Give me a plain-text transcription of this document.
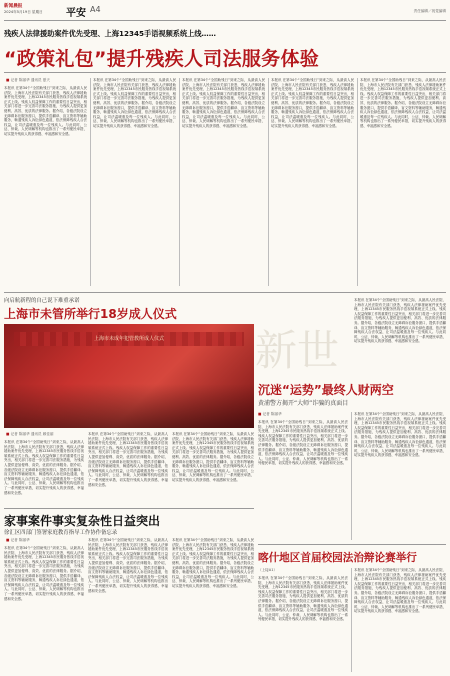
新闻晨报
2024年5月19日 星期日 平安 A4	责任编辑／视觉编辑
残疾人法律援助案件优先受理、上海12345手语视频系统上线……
“政策礼包”提升残疾人司法服务体验
■ 记者 陈丽华 通讯员 夏天
本报讯 在第34个“全国助残日”到来之际，从最高人民法院、上海市人民法院有关部门获悉，残疾人法律援助案件优先受理，上海12345市民服务热线手语视频系统正式上线。残疾人权益保障工作的重要性日益突出，相关部门将进一步完善司法服务措施，为残疾人提供更加便利、高效、优质的法律服务。据介绍，各级法院设立无障碍诉讼服务窗口，提供手语翻译、盲文资料等辅助服务，畅通残疾人诉讼绿色通道，依法保障残疾人合法权益，让司法温暖惠及每一位残疾人。与此同时，公证、仲裁、人民调解等机构也推出了一系列便民举措，切实提升残疾人的获得感、幸福感和安全感。
本报讯 在第34个“全国助残日”到来之际，从最高人民法院、上海市人民法院有关部门获悉，残疾人法律援助案件优先受理，上海12345市民服务热线手语视频系统正式上线。残疾人权益保障工作的重要性日益突出，相关部门将进一步完善司法服务措施，为残疾人提供更加便利、高效、优质的法律服务。据介绍，各级法院设立无障碍诉讼服务窗口，提供手语翻译、盲文资料等辅助服务，畅通残疾人诉讼绿色通道，依法保障残疾人合法权益，让司法温暖惠及每一位残疾人。与此同时，公证、仲裁、人民调解等机构也推出了一系列便民举措，切实提升残疾人的获得感、幸福感和安全感。
本报讯 在第34个“全国助残日”到来之际，从最高人民法院、上海市人民法院有关部门获悉，残疾人法律援助案件优先受理，上海12345市民服务热线手语视频系统正式上线。残疾人权益保障工作的重要性日益突出，相关部门将进一步完善司法服务措施，为残疾人提供更加便利、高效、优质的法律服务。据介绍，各级法院设立无障碍诉讼服务窗口，提供手语翻译、盲文资料等辅助服务，畅通残疾人诉讼绿色通道，依法保障残疾人合法权益，让司法温暖惠及每一位残疾人。与此同时，公证、仲裁、人民调解等机构也推出了一系列便民举措，切实提升残疾人的获得感、幸福感和安全感。
本报讯 在第34个“全国助残日”到来之际，从最高人民法院、上海市人民法院有关部门获悉，残疾人法律援助案件优先受理，上海12345市民服务热线手语视频系统正式上线。残疾人权益保障工作的重要性日益突出，相关部门将进一步完善司法服务措施，为残疾人提供更加便利、高效、优质的法律服务。据介绍，各级法院设立无障碍诉讼服务窗口，提供手语翻译、盲文资料等辅助服务，畅通残疾人诉讼绿色通道，依法保障残疾人合法权益，让司法温暖惠及每一位残疾人。与此同时，公证、仲裁、人民调解等机构也推出了一系列便民举措，切实提升残疾人的获得感、幸福感和安全感。
本报讯 在第34个“全国助残日”到来之际，从最高人民法院、上海市人民法院有关部门获悉，残疾人法律援助案件优先受理，上海12345市民服务热线手语视频系统正式上线。残疾人权益保障工作的重要性日益突出，相关部门将进一步完善司法服务措施，为残疾人提供更加便利、高效、优质的法律服务。据介绍，各级法院设立无障碍诉讼服务窗口，提供手语翻译、盲文资料等辅助服务，畅通残疾人诉讼绿色通道，依法保障残疾人合法权益，让司法温暖惠及每一位残疾人。与此同时，公证、仲裁、人民调解等机构也推出了一系列便民举措，切实提升残疾人的获得感、幸福感和安全感。
向启航新程的自己说下难重承诺
上海市未管所举行18岁成人仪式
上海市未成年犯管教所成人仪式	新世
■ 记者 陈丽华 通讯员 顾佳丽
本报讯 在第34个“全国助残日”到来之际，从最高人民法院、上海市人民法院有关部门获悉，残疾人法律援助案件优先受理，上海12345市民服务热线手语视频系统正式上线。残疾人权益保障工作的重要性日益突出，相关部门将进一步完善司法服务措施，为残疾人提供更加便利、高效、优质的法律服务。据介绍，各级法院设立无障碍诉讼服务窗口，提供手语翻译、盲文资料等辅助服务，畅通残疾人诉讼绿色通道，依法保障残疾人合法权益，让司法温暖惠及每一位残疾人。与此同时，公证、仲裁、人民调解等机构也推出了一系列便民举措，切实提升残疾人的获得感、幸福感和安全感。
本报讯 在第34个“全国助残日”到来之际，从最高人民法院、上海市人民法院有关部门获悉，残疾人法律援助案件优先受理，上海12345市民服务热线手语视频系统正式上线。残疾人权益保障工作的重要性日益突出，相关部门将进一步完善司法服务措施，为残疾人提供更加便利、高效、优质的法律服务。据介绍，各级法院设立无障碍诉讼服务窗口，提供手语翻译、盲文资料等辅助服务，畅通残疾人诉讼绿色通道，依法保障残疾人合法权益，让司法温暖惠及每一位残疾人。与此同时，公证、仲裁、人民调解等机构也推出了一系列便民举措，切实提升残疾人的获得感、幸福感和安全感。
本报讯 在第34个“全国助残日”到来之际，从最高人民法院、上海市人民法院有关部门获悉，残疾人法律援助案件优先受理，上海12345市民服务热线手语视频系统正式上线。残疾人权益保障工作的重要性日益突出，相关部门将进一步完善司法服务措施，为残疾人提供更加便利、高效、优质的法律服务。据介绍，各级法院设立无障碍诉讼服务窗口，提供手语翻译、盲文资料等辅助服务，畅通残疾人诉讼绿色通道，依法保障残疾人合法权益，让司法温暖惠及每一位残疾人。与此同时，公证、仲裁、人民调解等机构也推出了一系列便民举措，切实提升残疾人的获得感、幸福感和安全感。
沉迷“运势”最终人财两空
黄浦警方揭开“大师”诈骗的真面目
■ 记者 陈丽华
本报讯 在第34个“全国助残日”到来之际，从最高人民法院、上海市人民法院有关部门获悉，残疾人法律援助案件优先受理，上海12345市民服务热线手语视频系统正式上线。残疾人权益保障工作的重要性日益突出，相关部门将进一步完善司法服务措施，为残疾人提供更加便利、高效、优质的法律服务。据介绍，各级法院设立无障碍诉讼服务窗口，提供手语翻译、盲文资料等辅助服务，畅通残疾人诉讼绿色通道，依法保障残疾人合法权益，让司法温暖惠及每一位残疾人。与此同时，公证、仲裁、人民调解等机构也推出了一系列便民举措，切实提升残疾人的获得感、幸福感和安全感。
本报讯 在第34个“全国助残日”到来之际，从最高人民法院、上海市人民法院有关部门获悉，残疾人法律援助案件优先受理，上海12345市民服务热线手语视频系统正式上线。残疾人权益保障工作的重要性日益突出，相关部门将进一步完善司法服务措施，为残疾人提供更加便利、高效、优质的法律服务。据介绍，各级法院设立无障碍诉讼服务窗口，提供手语翻译、盲文资料等辅助服务，畅通残疾人诉讼绿色通道，依法保障残疾人合法权益，让司法温暖惠及每一位残疾人。与此同时，公证、仲裁、人民调解等机构也推出了一系列便民举措，切实提升残疾人的获得感、幸福感和安全感。
本报讯 在第34个“全国助残日”到来之际，从最高人民法院、上海市人民法院有关部门获悉，残疾人法律援助案件优先受理，上海12345市民服务热线手语视频系统正式上线。残疾人权益保障工作的重要性日益突出，相关部门将进一步完善司法服务措施，为残疾人提供更加便利、高效、优质的法律服务。据介绍，各级法院设立无障碍诉讼服务窗口，提供手语翻译、盲文资料等辅助服务，畅通残疾人诉讼绿色通道，依法保障残疾人合法权益，让司法温暖惠及每一位残疾人。与此同时，公证、仲裁、人民调解等机构也推出了一系列便民举措，切实提升残疾人的获得感、幸福感和安全感。
家事案件事实复杂性日益突出
徐汇区四部门签署家庭教育指导工作协作备忘录
■ 记者 陈丽华
本报讯 在第34个“全国助残日”到来之际，从最高人民法院、上海市人民法院有关部门获悉，残疾人法律援助案件优先受理，上海12345市民服务热线手语视频系统正式上线。残疾人权益保障工作的重要性日益突出，相关部门将进一步完善司法服务措施，为残疾人提供更加便利、高效、优质的法律服务。据介绍，各级法院设立无障碍诉讼服务窗口，提供手语翻译、盲文资料等辅助服务，畅通残疾人诉讼绿色通道，依法保障残疾人合法权益，让司法温暖惠及每一位残疾人。与此同时，公证、仲裁、人民调解等机构也推出了一系列便民举措，切实提升残疾人的获得感、幸福感和安全感。
本报讯 在第34个“全国助残日”到来之际，从最高人民法院、上海市人民法院有关部门获悉，残疾人法律援助案件优先受理，上海12345市民服务热线手语视频系统正式上线。残疾人权益保障工作的重要性日益突出，相关部门将进一步完善司法服务措施，为残疾人提供更加便利、高效、优质的法律服务。据介绍，各级法院设立无障碍诉讼服务窗口，提供手语翻译、盲文资料等辅助服务，畅通残疾人诉讼绿色通道，依法保障残疾人合法权益，让司法温暖惠及每一位残疾人。与此同时，公证、仲裁、人民调解等机构也推出了一系列便民举措，切实提升残疾人的获得感、幸福感和安全感。
本报讯 在第34个“全国助残日”到来之际，从最高人民法院、上海市人民法院有关部门获悉，残疾人法律援助案件优先受理，上海12345市民服务热线手语视频系统正式上线。残疾人权益保障工作的重要性日益突出，相关部门将进一步完善司法服务措施，为残疾人提供更加便利、高效、优质的法律服务。据介绍，各级法院设立无障碍诉讼服务窗口，提供手语翻译、盲文资料等辅助服务，畅通残疾人诉讼绿色通道，依法保障残疾人合法权益，让司法温暖惠及每一位残疾人。与此同时，公证、仲裁、人民调解等机构也推出了一系列便民举措，切实提升残疾人的获得感、幸福感和安全感。
喀什地区首届校园法治辩论赛举行
（上接A1）
本报讯 在第34个“全国助残日”到来之际，从最高人民法院、上海市人民法院有关部门获悉，残疾人法律援助案件优先受理，上海12345市民服务热线手语视频系统正式上线。残疾人权益保障工作的重要性日益突出，相关部门将进一步完善司法服务措施，为残疾人提供更加便利、高效、优质的法律服务。据介绍，各级法院设立无障碍诉讼服务窗口，提供手语翻译、盲文资料等辅助服务，畅通残疾人诉讼绿色通道，依法保障残疾人合法权益，让司法温暖惠及每一位残疾人。与此同时，公证、仲裁、人民调解等机构也推出了一系列便民举措，切实提升残疾人的获得感、幸福感和安全感。
本报讯 在第34个“全国助残日”到来之际，从最高人民法院、上海市人民法院有关部门获悉，残疾人法律援助案件优先受理，上海12345市民服务热线手语视频系统正式上线。残疾人权益保障工作的重要性日益突出，相关部门将进一步完善司法服务措施，为残疾人提供更加便利、高效、优质的法律服务。据介绍，各级法院设立无障碍诉讼服务窗口，提供手语翻译、盲文资料等辅助服务，畅通残疾人诉讼绿色通道，依法保障残疾人合法权益，让司法温暖惠及每一位残疾人。与此同时，公证、仲裁、人民调解等机构也推出了一系列便民举措，切实提升残疾人的获得感、幸福感和安全感。
